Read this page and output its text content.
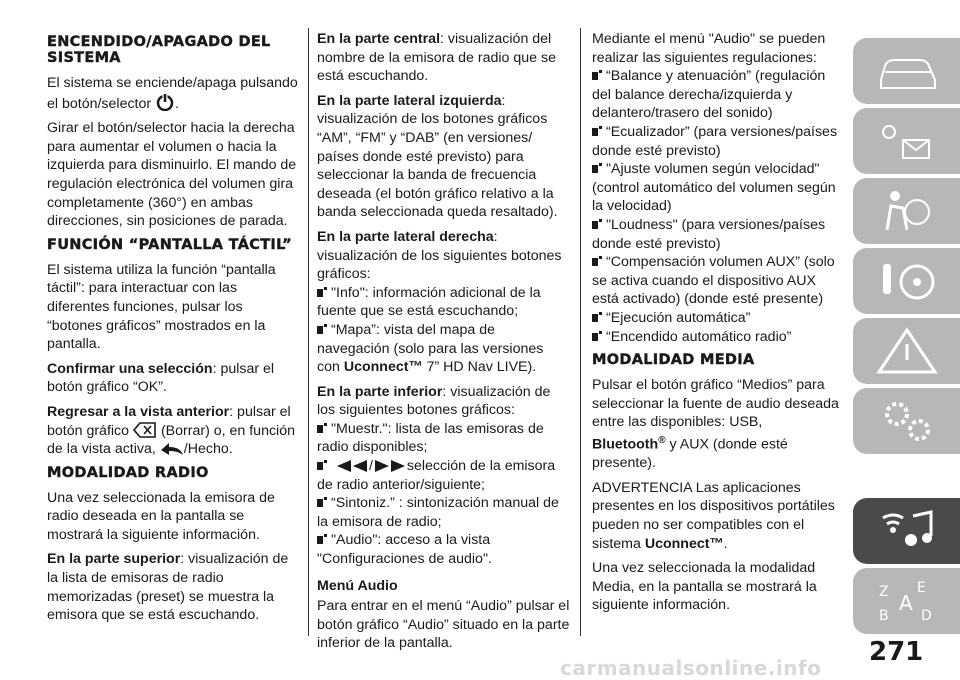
ENCENDIDO/APAGADO DEL SISTEMA

El sistema se enciende/apaga pulsando el botón/selector .

Girar el botón/selector hacia la derecha para aumentar el volumen o hacia la izquierda para disminuirlo. El mando de regulación electrónica del volumen gira completamente (360°) en ambas direcciones, sin posiciones de parada.

FUNCIÓN “PANTALLA TÁCTIL”

El sistema utiliza la función “pantalla táctil”: para interactuar con las diferentes funciones, pulsar los “botones gráficos” mostrados en la pantalla.

Confirmar una selección: pulsar el botón gráfico “OK”.

Regresar a la vista anterior: pulsar el botón gráfico (Borrar) o, en función de la vista activa, /Hecho.

MODALIDAD RADIO

Una vez seleccionada la emisora de radio deseada en la pantalla se mostrará la siguiente información.

En la parte superior: visualización de la lista de emisoras de radio memorizadas (preset) se muestra la emisora que se está escuchando.

En la parte central: visualización del nombre de la emisora de radio que se está escuchando.

En la parte lateral izquierda: visualización de los botones gráficos “AM”, “FM” y “DAB” (en versiones/ países donde esté previsto) para seleccionar la banda de frecuencia deseada (el botón gráfico relativo a la banda seleccionada queda resaltado).

En la parte lateral derecha: visualización de los siguientes botones gráficos:

"Info": información adicional de la fuente que se está escuchando;

“Mapa”: vista del mapa de navegación (solo para las versiones con Uconnect™ 7” HD Nav LIVE).

En la parte inferior: visualización de los siguientes botones gráficos:

"Muestr.": lista de las emisoras de radio disponibles;

/ selección de la emisora de radio anterior/siguiente;

“Sintoniz.” : sintonización manual de la emisora de radio;

"Audio": acceso a la vista "Configuraciones de audio".

Menú Audio

Para entrar en el menú “Audio” pulsar el botón gráfico “Audio” situado en la parte inferior de la pantalla.

Mediante el menú "Audio" se pueden realizar las siguientes regulaciones:

“Balance y atenuación” (regulación del balance derecha/izquierda y delantero/trasero del sonido)

“Ecualizador” (para versiones/países donde esté previsto)

"Ajuste volumen según velocidad" (control automático del volumen según la velocidad)

"Loudness" (para versiones/países donde esté previsto)

“Compensación volumen AUX” (solo se activa cuando el dispositivo AUX está activado) (donde esté presente)

“Ejecución automática”

“Encendido automático radio”

MODALIDAD MEDIA

Pulsar el botón gráfico “Medios” para seleccionar la fuente de audio deseada entre las disponibles: USB, Bluetooth® y AUX (donde esté presente).

ADVERTENCIA Las aplicaciones presentes en los dispositivos portátiles pueden no ser compatibles con el sistema Uconnect™.

Una vez seleccionada la modalidad Media, en la pantalla se mostrará la siguiente información.

Z E
A
B D
271
carmanualsonline.info
